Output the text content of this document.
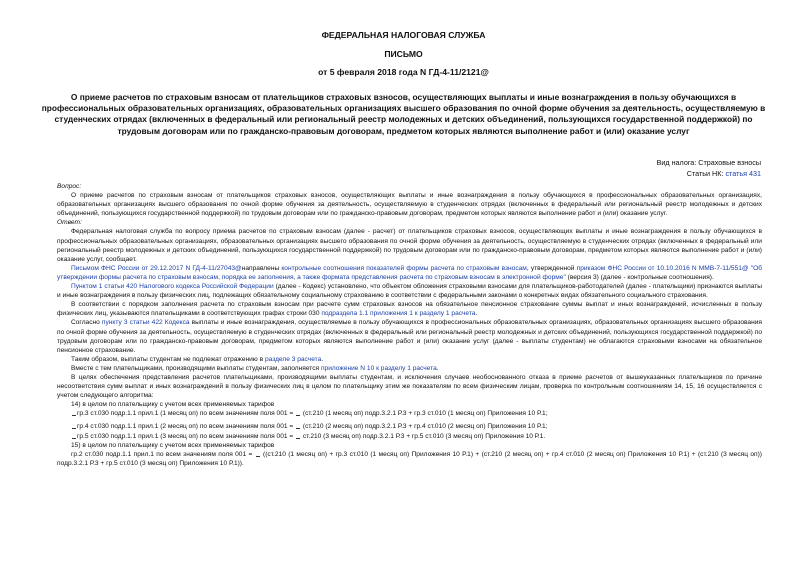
ФЕДЕРАЛЬНАЯ НАЛОГОВАЯ СЛУЖБА
ПИСЬМО
от 5 февраля 2018 года N ГД-4-11/2121@
О приеме расчетов по страховым взносам от плательщиков страховых взносов, осуществляющих выплаты и иные вознаграждения в пользу обучающихся в профессиональных образовательных организациях, образовательных организациях высшего образования по очной форме обучения за деятельность, осуществляемую в студенческих отрядах (включенных в федеральный или региональный реестр молодежных и детских объединений, пользующихся государственной поддержкой) по трудовым договорам или по гражданско-правовым договорам, предметом которых являются выполнение работ и (или) оказание услуг
Вид налога: Страховые взносы
Статьи НК: статья 431

Вопрос:

О приеме расчетов по страховым взносам от плательщиков страховых взносов, осуществляющих выплаты и иные вознаграждения в пользу обучающихся в профессиональных образовательных организациях, образовательных организациях высшего образования по очной форме обучения за деятельность, осуществляемую в студенческих отрядах (включенных в федеральный или региональный реестр молодежных и детских объединений, пользующихся государственной поддержкой) по трудовым договорам или по гражданско-правовым договорам, предметом которых являются выполнение работ и (или) оказание услуг.

Ответ:

Федеральная налоговая служба по вопросу приема расчетов по страховым взносам (далее - расчет) от плательщиков страховых взносов, осуществляющих выплаты и иные вознаграждения в пользу обучающихся в профессиональных образовательных организациях, образовательных организациях высшего образования по очной форме обучения за деятельность, осуществляемую в студенческих отрядах (включенных в федеральный или региональный реестр молодежных и детских объединений, пользующихся государственной поддержкой) по трудовым договорам или по гражданско-правовым договорам, предметом которых являются выполнение работ и (или) оказание услуг, сообщает.

Письмом ФНС России от 29.12.2017 N ГД-4-11/27043@направлены контрольные соотношения показателей формы расчета по страховым взносам, утвержденной приказом ФНС России от 10.10.2016 N ММВ-7-11/551@ "Об утверждении формы расчета по страховым взносам, порядка ее заполнения, а также формата представления расчета по страховым взносам в электронной форме" (версия 3) (далее - контрольные соотношения).

Пунктом 1 статьи 420 Налогового кодекса Российской Федерации (далее - Кодекс) установлено, что объектом обложения страховыми взносами для плательщиков-работодателей (далее - плательщики) признаются выплаты и иные вознаграждения в пользу физических лиц, подлежащих обязательному социальному страхованию в соответствии с федеральными законами о конкретных видах обязательного социального страхования.

В соответствии с порядком заполнения расчета по страховым взносам при расчете сумм страховых взносов на обязательное пенсионное страхование суммы выплат и иных вознаграждений, исчисленных в пользу физических лиц, указываются плательщиками в соответствующих графах строки 030 подраздела 1.1 приложения 1 к разделу 1 расчета.

Согласно пункту 3 статьи 422 Кодекса выплаты и иные вознаграждения, осуществляемые в пользу обучающихся в профессиональных образовательных организациях, образовательных организациях высшего образования по очной форме обучения за деятельность, осуществляемую в студенческих отрядах (включенных в федеральный или региональный реестр молодежных и детских объединений, пользующихся государственной поддержкой) по трудовым договорам или по гражданско-правовым договорам, предметом которых являются выполнение работ и (или) оказание услуг (далее - выплаты студентам) не облагаются страховыми взносами на обязательное пенсионное страхование.

Таким образом, выплаты студентам не подлежат отражению в разделе 3 расчета.

Вместе с тем плательщиками, производящими выплаты студентам, заполняется приложение N 10 к разделу 1 расчета.

В целях обеспечения представления расчетов плательщиками, производящими выплаты студентам, и исключения случаев необоснованного отказа в приеме расчетов от вышеуказанных плательщиков по причине несоответствия сумм выплат и иных вознаграждений в пользу физических лиц в целом по плательщику этим же показателям по всем физическим лицам, проверка по контрольным соотношениям 14, 15, 16 осуществляется с учетом следующего алгоритма:

14) в целом по плательщику с учетом всех применяемых тарифов

гр.3 ст.030 подр.1.1 прил.1 (1 месяц оп) по всем значениям поля 001 =  (ст.210 (1 месяц оп) подр.3.2.1 Р.3 + гр.3 ст.010 (1 месяц оп) Приложения 10 Р.1;

гр.4 ст.030 подр.1.1 прил.1 (2 месяц оп) по всем значениям поля 001 =  (ст.210 (2 месяц оп) подр.3.2.1 Р.3 + гр.4 ст.010 (2 месяц оп) Приложения 10 Р.1;

гр.5 ст.030 подр.1.1 прил.1 (3 месяц оп) по всем значениям поля 001 =  ст.210 (3 месяц оп) подр.3.2.1 Р.3 + гр.5 ст.010 (3 месяц оп) Приложения 10 Р.1.

15) в целом по плательщику с учетом всех применяемых тарифов

гр.2 ст.030 подр.1.1 прил.1 по всем значениям поля 001 =  ((ст.210 (1 месяц оп) + гр.3 ст.010 (1 месяц оп) Приложения 10 Р.1) + (ст.210 (2 месяц оп) + гр.4 ст.010 (2 месяц оп) Приложения 10 Р.1) + (ст.210 (3 месяц оп)) подр.3.2.1 Р.3 + гр.5 ст.010 (3 месяц оп) Приложения 10 Р.1)).
